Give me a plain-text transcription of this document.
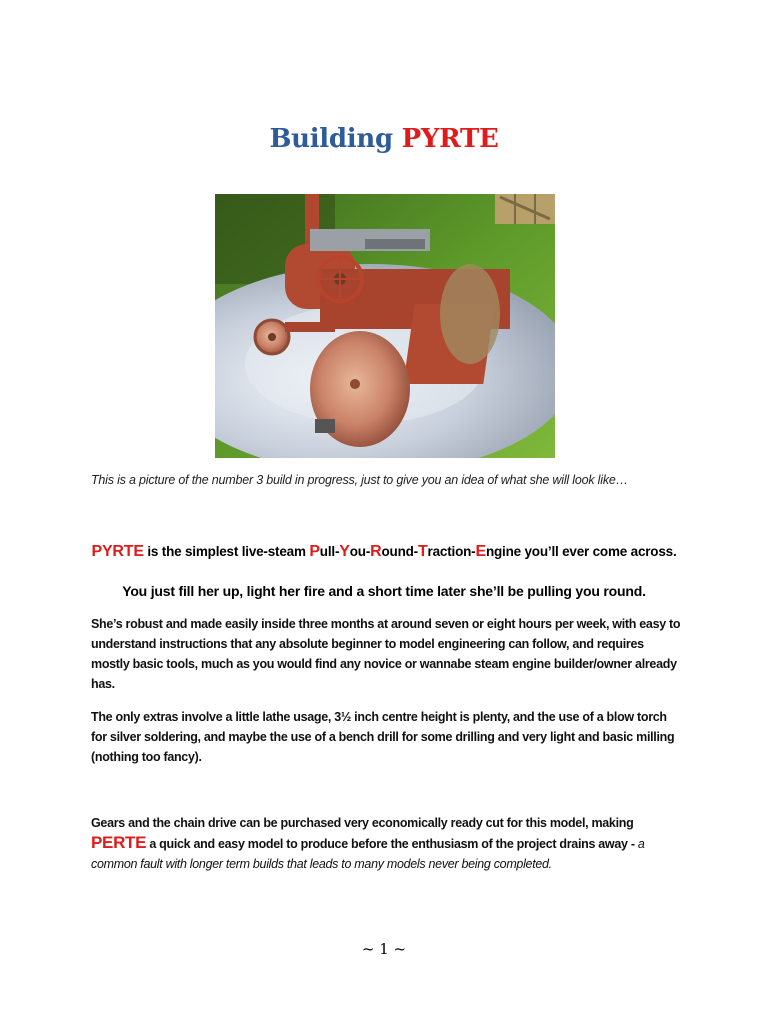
Building PYRTE
This is a picture of the number 3 build in progress, just to give you an idea of what she will look like…
PYRTE is the simplest live-steam Pull-You-Round-Traction-Engine you’ll ever come across.
You just fill her up, light her fire and a short time later she’ll be pulling you round.
She’s robust and made easily inside three months at around seven or eight hours per week, with easy to understand instructions that any absolute beginner to model engineering can follow, and requires mostly basic tools, much as you would find any novice or wannabe steam engine builder/owner already has.
The only extras involve a little lathe usage, 3½ inch centre height is plenty, and the use of a blow torch for silver soldering, and maybe the use of a bench drill for some drilling and very light and basic milling (nothing too fancy).
Gears and the chain drive can be purchased very economically ready cut for this model, making
PERTE a quick and easy model to produce before the enthusiasm of the project drains away - a common fault with longer term builds that leads to many models never being completed.
~ 1 ~
